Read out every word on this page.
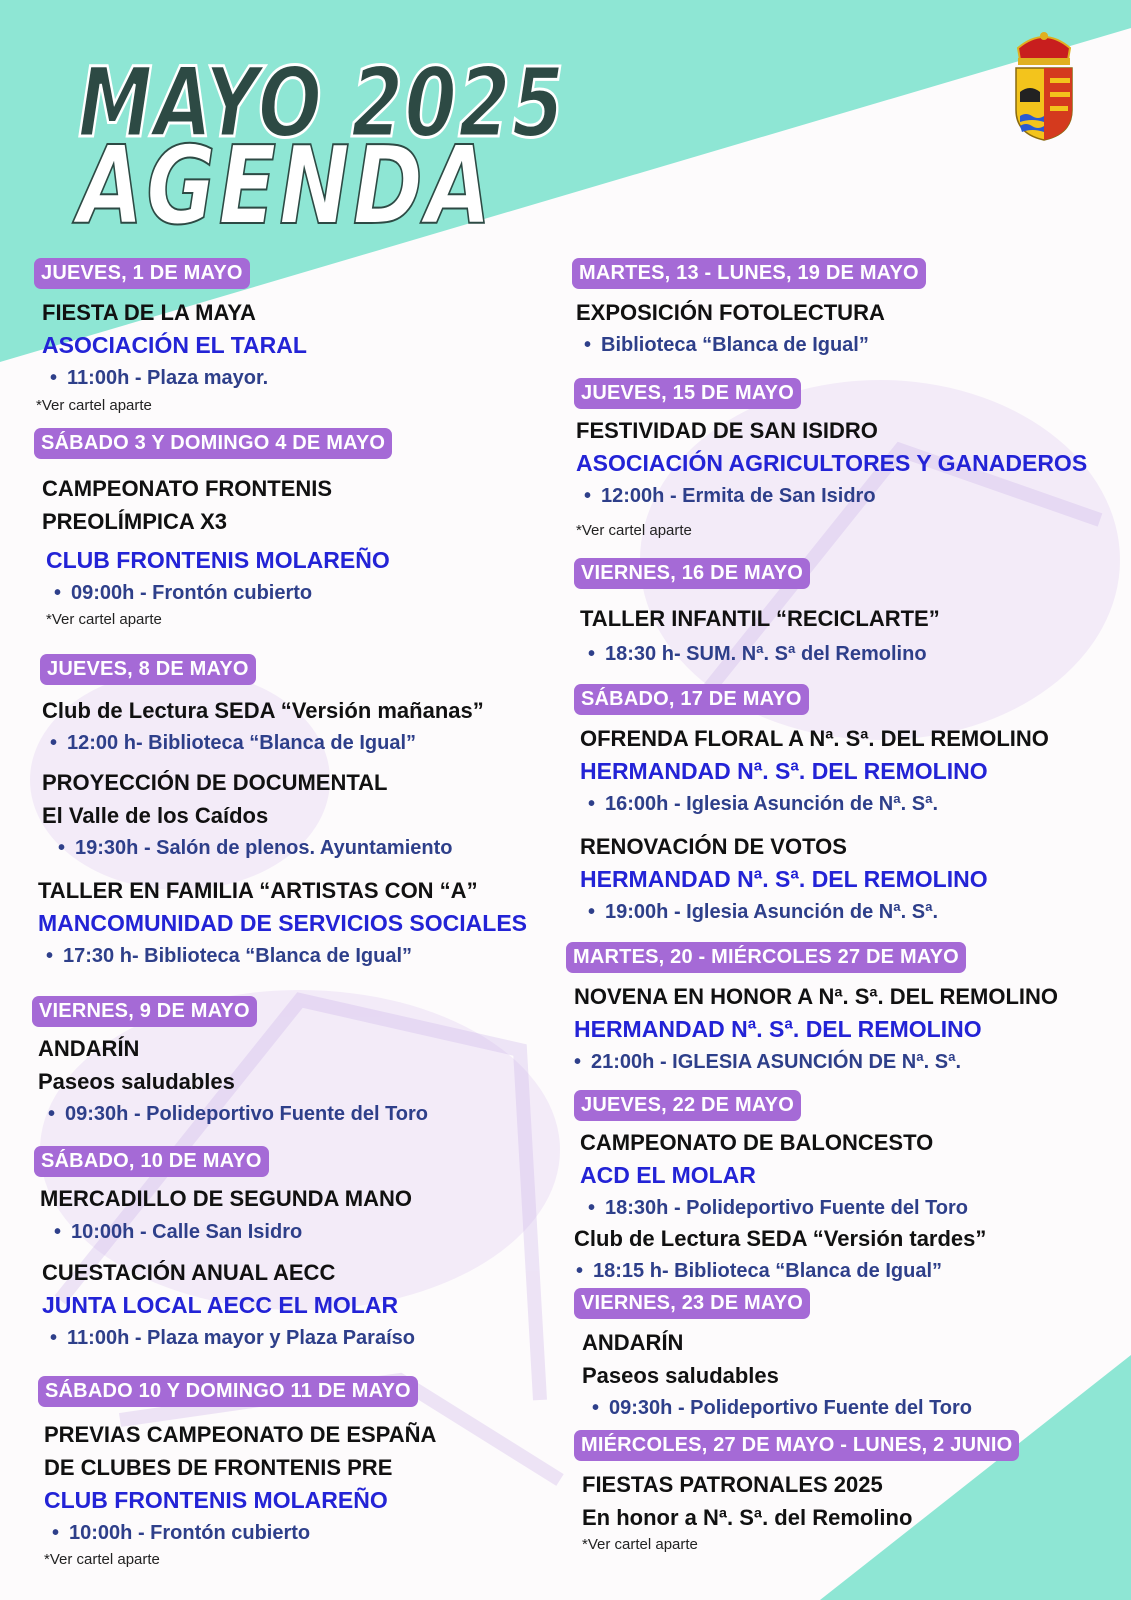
MAYO 2025
AGENDA
JUEVES, 1 DE MAYO
FIESTA DE LA MAYA
ASOCIACIÓN EL TARAL
• 11:00h - Plaza mayor.
*Ver cartel aparte
SÁBADO 3 Y DOMINGO 4 DE MAYO
CAMPEONATO FRONTENIS
PREOLÍMPICA X3
CLUB FRONTENIS MOLAREÑO
• 09:00h - Frontón cubierto
*Ver cartel aparte
JUEVES, 8 DE MAYO
Club de Lectura SEDA “Versión mañanas”
• 12:00 h- Biblioteca “Blanca de Igual”
PROYECCIÓN DE DOCUMENTAL
El Valle de los Caídos
• 19:30h - Salón de plenos. Ayuntamiento
TALLER EN FAMILIA “ARTISTAS CON “A”
MANCOMUNIDAD DE SERVICIOS SOCIALES
• 17:30 h- Biblioteca “Blanca de Igual”
VIERNES, 9 DE MAYO
ANDARÍN
Paseos saludables
• 09:30h - Polideportivo Fuente del Toro
SÁBADO, 10 DE MAYO
MERCADILLO DE SEGUNDA MANO
• 10:00h - Calle San Isidro
CUESTACIÓN ANUAL AECC
JUNTA LOCAL AECC EL MOLAR
• 11:00h - Plaza mayor y Plaza Paraíso
SÁBADO 10 Y DOMINGO 11 DE MAYO
PREVIAS CAMPEONATO DE ESPAÑA
DE CLUBES DE FRONTENIS PRE
CLUB FRONTENIS MOLAREÑO
• 10:00h - Frontón cubierto
*Ver cartel aparte
MARTES, 13 - LUNES, 19 DE MAYO
EXPOSICIÓN FOTOLECTURA
• Biblioteca “Blanca de Igual”
JUEVES, 15 DE MAYO
FESTIVIDAD DE SAN ISIDRO
ASOCIACIÓN AGRICULTORES Y GANADEROS
• 12:00h - Ermita de San Isidro
*Ver cartel aparte
VIERNES, 16 DE MAYO
TALLER INFANTIL “RECICLARTE”
• 18:30 h- SUM. Nª. Sª del Remolino
SÁBADO, 17 DE MAYO
OFRENDA FLORAL A Nª. Sª. DEL REMOLINO
HERMANDAD Nª. Sª. DEL REMOLINO
• 16:00h - Iglesia Asunción de Nª. Sª.
RENOVACIÓN DE VOTOS
HERMANDAD Nª. Sª. DEL REMOLINO
• 19:00h - Iglesia Asunción de Nª. Sª.
MARTES, 20 - MIÉRCOLES 27 DE MAYO
NOVENA EN HONOR A Nª. Sª. DEL REMOLINO
HERMANDAD Nª. Sª. DEL REMOLINO
• 21:00h - IGLESIA ASUNCIÓN DE Nª. Sª.
JUEVES, 22 DE MAYO
CAMPEONATO DE BALONCESTO
ACD EL MOLAR
• 18:30h - Polideportivo Fuente del Toro
Club de Lectura SEDA “Versión tardes”
• 18:15 h- Biblioteca “Blanca de Igual”
VIERNES, 23 DE MAYO
ANDARÍN
Paseos saludables
• 09:30h - Polideportivo Fuente del Toro
MIÉRCOLES, 27 DE MAYO - LUNES, 2 JUNIO
FIESTAS PATRONALES 2025
En honor a Nª. Sª. del Remolino
*Ver cartel aparte
